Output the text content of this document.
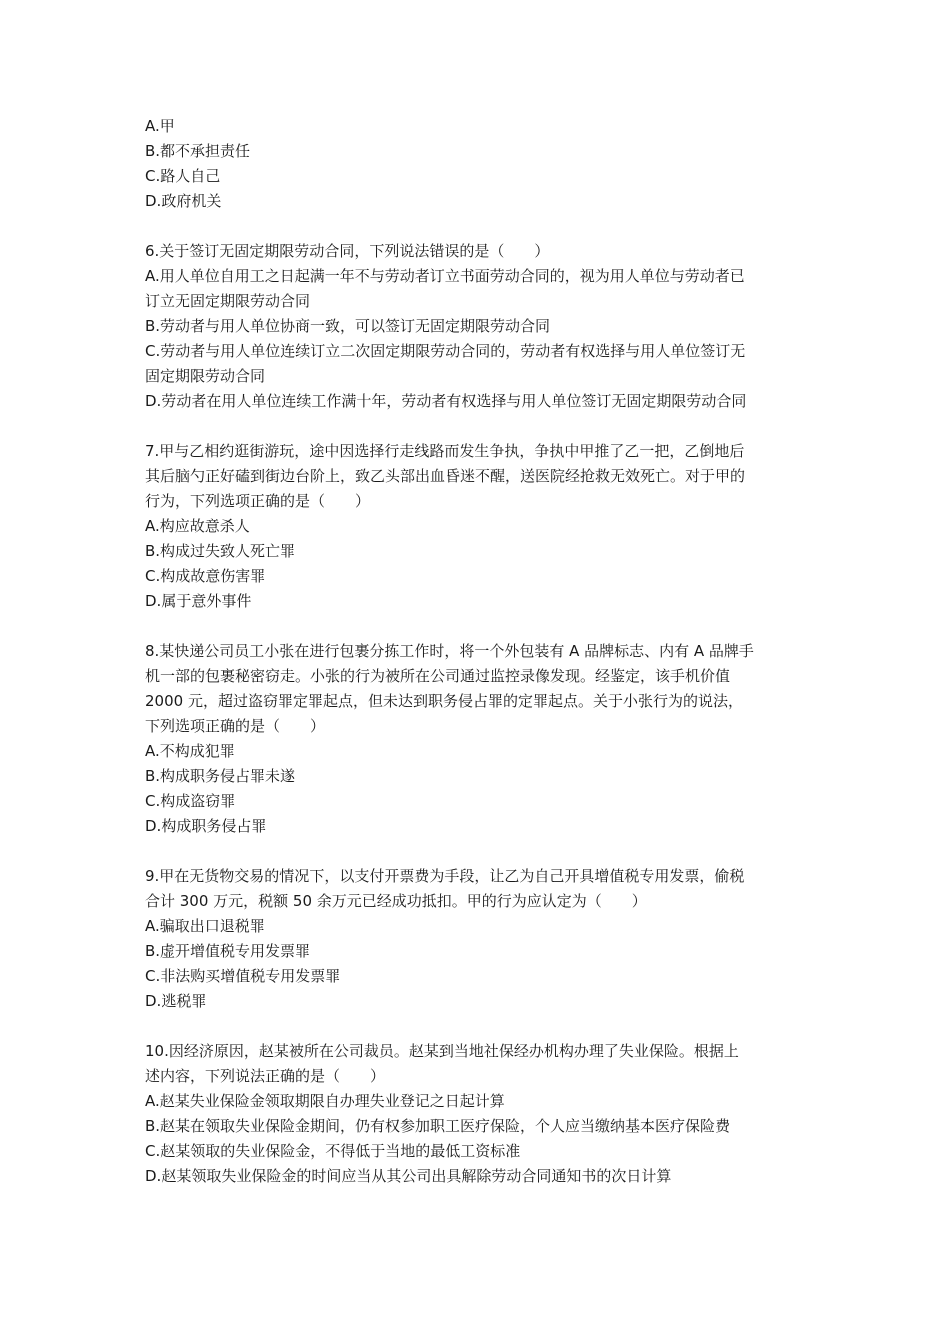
A.甲
B.都不承担责任
C.路人自己
D.政府机关
6.关于签订无固定期限劳动合同，下列说法错误的是（　　）
A.用人单位自用工之日起满一年不与劳动者订立书面劳动合同的，视为用人单位与劳动者已
订立无固定期限劳动合同
B.劳动者与用人单位协商一致，可以签订无固定期限劳动合同
C.劳动者与用人单位连续订立二次固定期限劳动合同的，劳动者有权选择与用人单位签订无
固定期限劳动合同
D.劳动者在用人单位连续工作满十年，劳动者有权选择与用人单位签订无固定期限劳动合同
7.甲与乙相约逛街游玩，途中因选择行走线路而发生争执，争执中甲推了乙一把，乙倒地后
其后脑勺正好磕到街边台阶上，致乙头部出血昏迷不醒，送医院经抢救无效死亡。对于甲的
行为，下列选项正确的是（　　）
A.构应故意杀人
B.构成过失致人死亡罪
C.构成故意伤害罪
D.属于意外事件
8.某快递公司员工小张在进行包裹分拣工作时，将一个外包装有 A 品牌标志、内有 A 品牌手
机一部的包裹秘密窃走。小张的行为被所在公司通过监控录像发现。经鉴定，该手机价值
2000 元，超过盗窃罪定罪起点，但未达到职务侵占罪的定罪起点。关于小张行为的说法，
下列选项正确的是（　　）
A.不构成犯罪
B.构成职务侵占罪未遂
C.构成盗窃罪
D.构成职务侵占罪
9.甲在无货物交易的情况下，以支付开票费为手段，让乙为自己开具增值税专用发票，偷税
合计 300 万元，税额 50 余万元已经成功抵扣。甲的行为应认定为（　　）
A.骗取出口退税罪
B.虚开增值税专用发票罪
C.非法购买增值税专用发票罪
D.逃税罪
10.因经济原因，赵某被所在公司裁员。赵某到当地社保经办机构办理了失业保险。根据上
述内容，下列说法正确的是（　　）
A.赵某失业保险金领取期限自办理失业登记之日起计算
B.赵某在领取失业保险金期间，仍有权参加职工医疗保险，个人应当缴纳基本医疗保险费
C.赵某领取的失业保险金，不得低于当地的最低工资标准
D.赵某领取失业保险金的时间应当从其公司出具解除劳动合同通知书的次日计算
